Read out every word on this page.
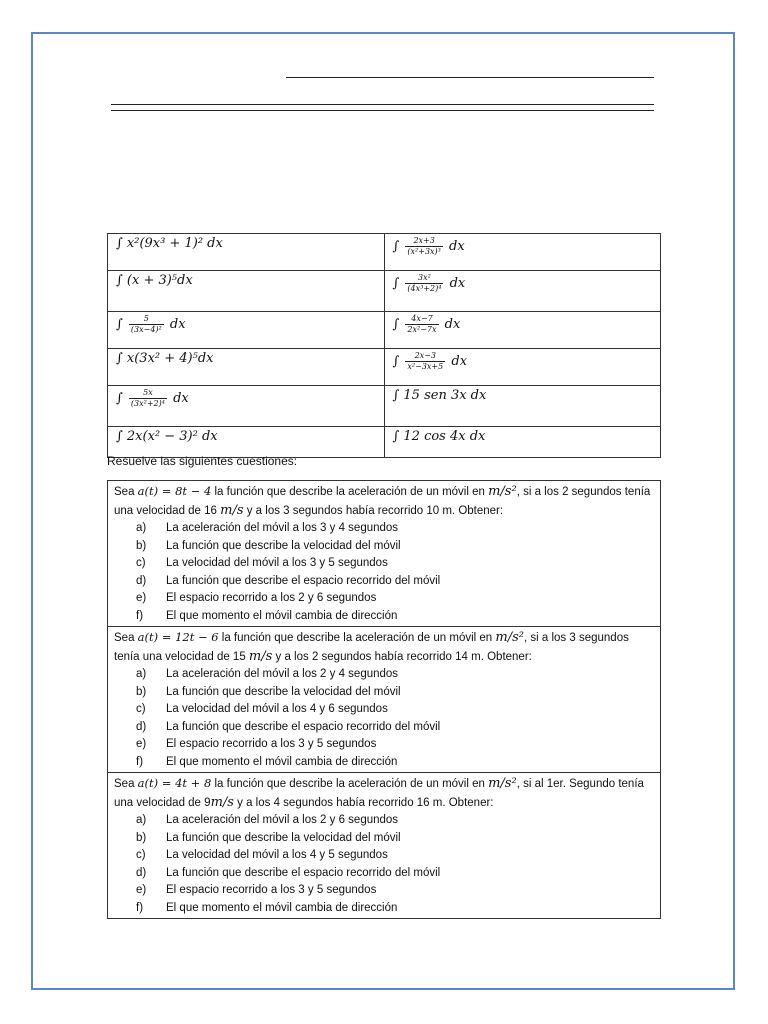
∫ x²(9x³ + 1)² dx	∫ $\frac{2x+3}{\text{(x²+3x)³}}$ dx
∫ (x + 3)⁵dx	∫ $\frac{\text{3x²}}{\text{(4x³+2)⁴}}$ dx
∫ $\frac{5}{\text{(3x−4)²}}$ dx	∫ $\frac{4x-7}{\text{2x²−7x}}$ dx
∫ x(3x² + 4)⁵dx	∫ $\frac{2x-3}{\text{x²−3x+5}}$ dx
∫ $\frac{5x}{\text{(3x²+2)⁴}}$ dx	∫ 15 sen 3x dx
∫ 2x(x² − 3)² dx	∫ 12 cos 4x dx
Resuelve las siguientes cuestiones:
Sea a(t) = 8t − 4 la función que describe la aceleración de un móvil en m/s², si a los 2 segundos tenía una velocidad de 16 m/s y a los 3 segundos había recorrido 10 m. Obtener:
a)	La aceleración del móvil a los 3 y 4 segundos
b)	La función que describe la velocidad del móvil
c)	La velocidad del móvil a los 3 y 5 segundos
d)	La función que describe el espacio recorrido del móvil
e)	El espacio recorrido a los 2 y 6 segundos
f)	El que momento el móvil cambia de dirección
Sea a(t) = 12t − 6 la función que describe la aceleración de un móvil en m/s², si a los 3 segundos tenía una velocidad de 15 m/s y a los 2 segundos había recorrido 14 m. Obtener:
a)	La aceleración del móvil a los 2 y 4 segundos
b)	La función que describe la velocidad del móvil
c)	La velocidad del móvil a los 4 y 6 segundos
d)	La función que describe el espacio recorrido del móvil
e)	El espacio recorrido a los 3 y 5 segundos
f)	El que momento el móvil cambia de dirección
Sea a(t) = 4t + 8 la función que describe la aceleración de un móvil en m/s², si al 1er. Segundo tenía una velocidad de 9m/s y a los 4 segundos había recorrido 16 m. Obtener:
a)	La aceleración del móvil a los 2 y 6 segundos
b)	La función que describe la velocidad del móvil
c)	La velocidad del móvil a los 4 y 5 segundos
d)	La función que describe el espacio recorrido del móvil
e)	El espacio recorrido a los 3 y 5 segundos
f)	El que momento el móvil cambia de dirección
